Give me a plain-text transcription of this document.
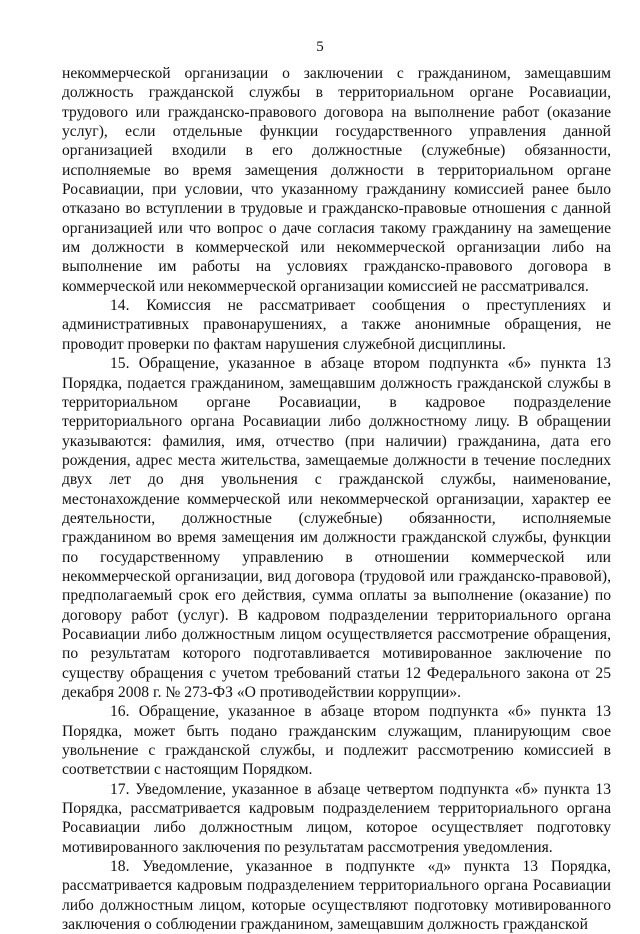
5

некоммерческой организации о заключении с гражданином, замещавшим должность гражданской службы в территориальном органе Росавиации, трудового или гражданско-правового договора на выполнение работ (оказание услуг), если отдельные функции государственного управления данной организацией входили в его должностные (служебные) обязанности, исполняемые во время замещения должности в территориальном органе Росавиации, при условии, что указанному гражданину комиссией ранее было отказано во вступлении в трудовые и гражданско-правовые отношения с данной организацией или что вопрос о даче согласия такому гражданину на замещение им должности в коммерческой или некоммерческой организации либо на выполнение им работы на условиях гражданско-правового договора в коммерческой или некоммерческой организации комиссией не рассматривался.

14. Комиссия не рассматривает сообщения о преступлениях и административных правонарушениях, а также анонимные обращения, не проводит проверки по фактам нарушения служебной дисциплины.

15. Обращение, указанное в абзаце втором подпункта «б» пункта 13 Порядка, подается гражданином, замещавшим должность гражданской службы в территориальном органе Росавиации, в кадровое подразделение территориального органа Росавиации либо должностному лицу. В обращении указываются: фамилия, имя, отчество (при наличии) гражданина, дата его рождения, адрес места жительства, замещаемые должности в течение последних двух лет до дня увольнения с гражданской службы, наименование, местонахождение коммерческой или некоммерческой организации, характер ее деятельности, должностные (служебные) обязанности, исполняемые гражданином во время замещения им должности гражданской службы, функции по государственному управлению в отношении коммерческой или некоммерческой организации, вид договора (трудовой или гражданско-правовой), предполагаемый срок его действия, сумма оплаты за выполнение (оказание) по договору работ (услуг). В кадровом подразделении территориального органа Росавиации либо должностным лицом осуществляется рассмотрение обращения, по результатам которого подготавливается мотивированное заключение по существу обращения с учетом требований статьи 12 Федерального закона от 25 декабря 2008 г. № 273-ФЗ «О противодействии коррупции».

16. Обращение, указанное в абзаце втором подпункта «б» пункта 13 Порядка, может быть подано гражданским служащим, планирующим свое увольнение с гражданской службы, и подлежит рассмотрению комиссией в соответствии с настоящим Порядком.

17. Уведомление, указанное в абзаце четвертом подпункта «б» пункта 13 Порядка, рассматривается кадровым подразделением территориального органа Росавиации либо должностным лицом, которое осуществляет подготовку мотивированного заключения по результатам рассмотрения уведомления.

18. Уведомление, указанное в подпункте «д» пункта 13 Порядка, рассматривается кадровым подразделением территориального органа Росавиации либо должностным лицом, которые осуществляют подготовку мотивированного заключения о соблюдении гражданином, замещавшим должность гражданской
